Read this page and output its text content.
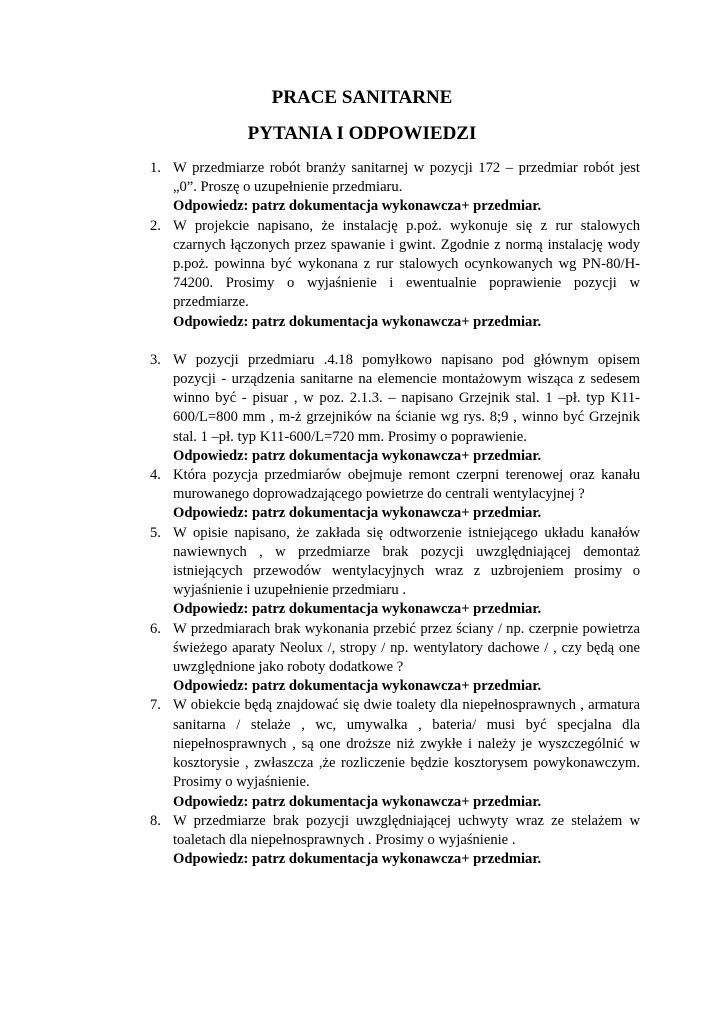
PRACE SANITARNE
PYTANIA I ODPOWIEDZI
1. W przedmiarze robót branży sanitarnej w pozycji 172 – przedmiar robót jest „0”. Proszę o uzupełnienie przedmiaru.

Odpowiedz: patrz dokumentacja wykonawcza+ przedmiar.

2. W projekcie napisano, że instalację p.poż. wykonuje się z rur stalowych czarnych łączonych przez spawanie i gwint. Zgodnie z normą instalację wody p.poż. powinna być wykonana z rur stalowych ocynkowanych wg PN-80/H-74200. Prosimy o wyjaśnienie i ewentualnie poprawienie pozycji w przedmiarze.

Odpowiedz: patrz dokumentacja wykonawcza+ przedmiar.

3. W pozycji przedmiaru .4.18 pomyłkowo napisano pod głównym opisem pozycji - urządzenia sanitarne na elemencie montażowym wisząca z sedesem winno być - pisuar , w poz. 2.1.3. – napisano Grzejnik stal. 1 –pł. typ K11-600/L=800 mm , m-ż grzejników na ścianie wg rys. 8;9 , winno być Grzejnik stal. 1 –pł. typ K11-600/L=720 mm. Prosimy o poprawienie.

Odpowiedz: patrz dokumentacja wykonawcza+ przedmiar.

4. Która pozycja przedmiarów obejmuje remont czerpni terenowej oraz kanału murowanego doprowadzającego powietrze do centrali wentylacyjnej ?

Odpowiedz: patrz dokumentacja wykonawcza+ przedmiar.

5. W opisie napisano, że zakłada się odtworzenie istniejącego układu kanałów nawiewnych , w przedmiarze brak pozycji uwzględniającej demontaż istniejących przewodów wentylacyjnych wraz z uzbrojeniem prosimy o wyjaśnienie i uzupełnienie przedmiaru .

Odpowiedz: patrz dokumentacja wykonawcza+ przedmiar.

6. W przedmiarach brak wykonania przebić przez ściany / np. czerpnie powietrza świeżego aparaty Neolux /, stropy / np. wentylatory dachowe / , czy będą one uwzględnione jako roboty dodatkowe ?

Odpowiedz: patrz dokumentacja wykonawcza+ przedmiar.

7. W obiekcie będą znajdować się dwie toalety dla niepełnosprawnych , armatura sanitarna / stelaże , wc, umywalka , bateria/ musi być specjalna dla niepełnosprawnych , są one droższe niż zwykłe i należy je wyszczególnić w kosztorysie , zwłaszcza ,że rozliczenie będzie kosztorysem powykonawczym. Prosimy o wyjaśnienie.

Odpowiedz: patrz dokumentacja wykonawcza+ przedmiar.

8. W przedmiarze brak pozycji uwzględniającej uchwyty wraz ze stelażem w toaletach dla niepełnosprawnych . Prosimy o wyjaśnienie .

Odpowiedz: patrz dokumentacja wykonawcza+ przedmiar.
